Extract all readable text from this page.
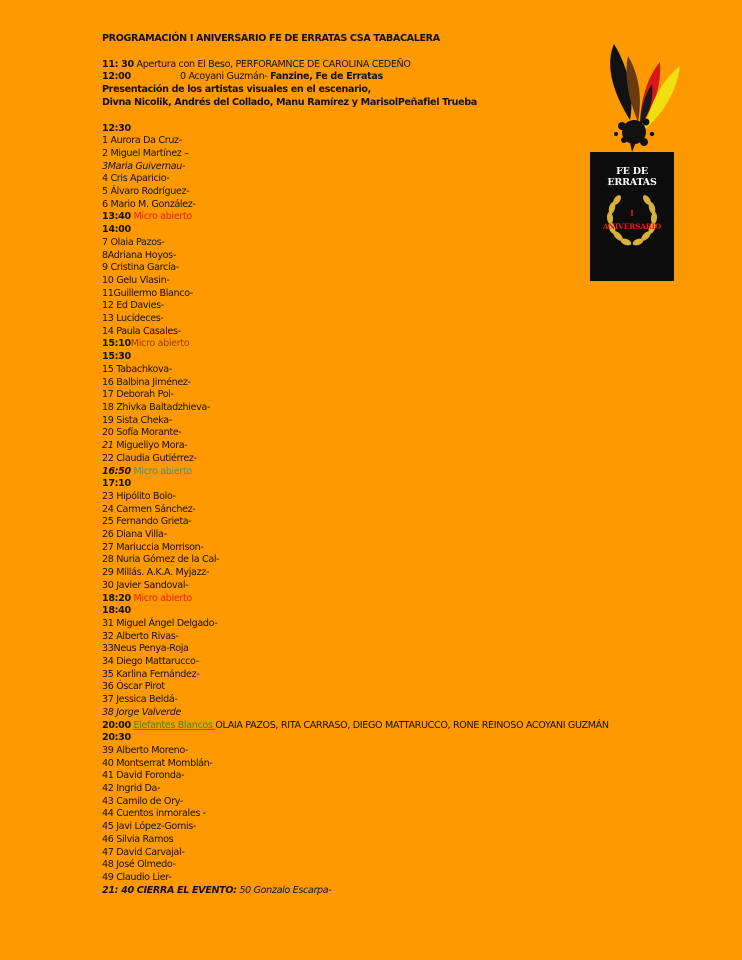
PROGRAMACIÓN I ANIVERSARIO FE DE ERRATAS CSA TABACALERA
11: 30 Apertura con El Beso, PERFORAMNCE DE CAROLINA CEDEÑO
12:00	0 Acoyani Guzmán- Fanzine, Fe de Erratas
Presentación de los artistas visuales en el escenario,
Divna Nicolik, Andrés del Collado, Manu Ramírez y MarisolPeñafiel Trueba
12:30
1 Aurora Da Cruz-
2 Miguel Martínez –
3Maria Guivernau-
4 Cris Aparicio-
5 Álvaro Rodríguez-
6 Mario M. González-
13:40 Micro abierto
14:00
7 Olaia Pazos-
8Adriana Hoyos-
9 Cristina García-
10 Gelu Vlasin-
11Guillermo Blanco-
12 Ed Davies-
13 Lucideces-
14 Paula Casales-
15:10Micro abierto
15:30
15 Tabachkova-
16 Balbina Jiménez-
17 Deborah Pol-
18 Zhivka Baltadzhieva-
19 Sista Cheka-
20 Sofía Morante-
21 Migueliyo Mora-
22 Claudia Gutiérrez-
16:50 Micro abierto
17:10
23 Hipólito Bolo-
24 Carmen Sánchez-
25 Fernando Grieta-
26 Diana Villa-
27 Mariuccia Morrison-
28 Nuria Gómez de la Cal-
29 Millás. A.K.A. Myjazz-
30 Javier Sandoval-
18:20 Micro abierto
18:40
31 Miguel Ángel Delgado-
32 Alberto Rivas-
33Neus Penya-Roja
34 Diego Mattarucco-
35 Karlina Fernández-
36 Óscar Pirot
37 Jessica Beldá-
38 Jorge Valverde
20:00 Elefantes Blancos OLAIA PAZOS, RITA CARRASO, DIEGO MATTARUCCO, RONE REINOSO ACOYANI GUZMÁN
20:30
39 Alberto Moreno-
40 Montserrat Momblán-
41 David Foronda-
42 Ingrid Da-
43 Camilo de Ory-
44 Cuentos inmorales -
45 Javi López-Gomis-
46 Silvia Ramos
47 David Carvajal-
48 José Olmedo-
49 Claudio Lier-
21: 40 CIERRA EL EVENTO: 50 Gonzalo Escarpa-
FE DE ERRATAS
I
ANIVERSARIO
